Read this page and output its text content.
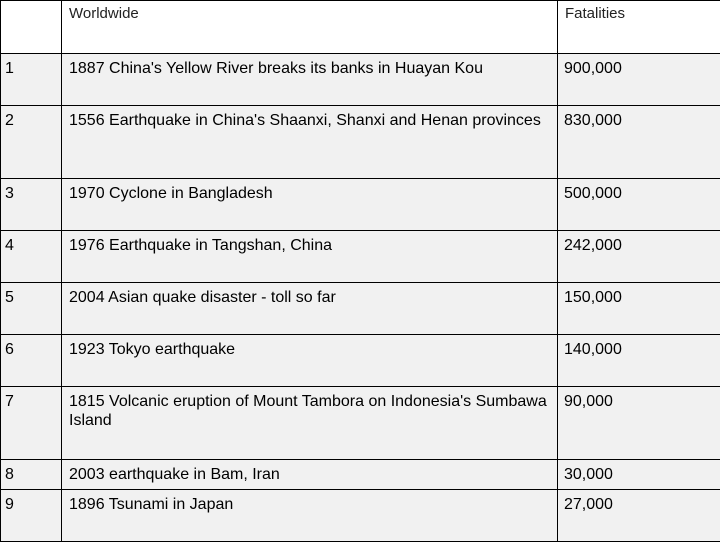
	Worldwide	Fatalities
1	1887 China's Yellow River breaks its banks in Huayan Kou	900,000
2	1556 Earthquake in China's Shaanxi, Shanxi and Henan provinces	830,000
3	1970 Cyclone in Bangladesh	500,000
4	1976 Earthquake in Tangshan, China	242,000
5	2004 Asian quake disaster - toll so far	150,000
6	1923 Tokyo earthquake	140,000
7	1815 Volcanic eruption of Mount Tambora on Indonesia's Sumbawa Island	90,000
8	2003 earthquake in Bam, Iran	30,000
9	1896 Tsunami in Japan	27,000
